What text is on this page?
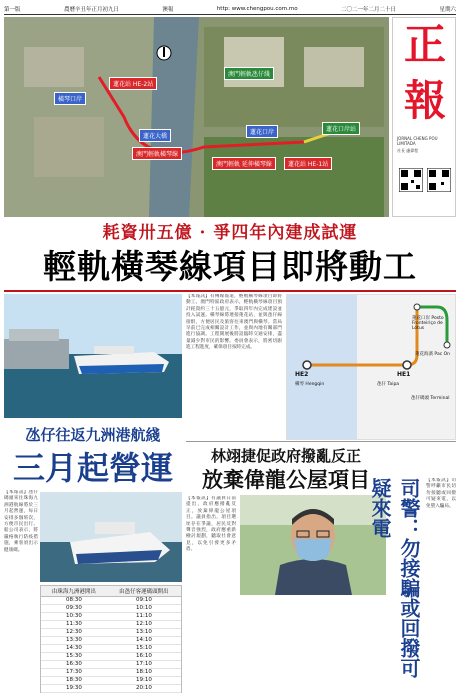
第一版	農曆辛丑年正月初九日	澳報	http: www.chengpou.com.mo	二〇二一年二月二十日	星期六
橫琴口岸
蓮花站 HE-2站
澳門輕軌橫琴線
蓮花大橋
澳門輕軌氹仔綫
蓮花口岸
澳門輕軌 延伸橫琴線
蓮花口岸站
蓮花站 HE-1站
正
報
JORNAL CHENG POU LIMITADA
社長 盧偉程
耗資卅五億 · 爭四年內建成試運
輕軌橫琴線項目即將動工
【本報訊】有傳媒報道，輕軌橫琴線項目即將動工。澳門特區政府表示，輕軌橫琴線項目預計耗資約三十五億元，爭取四年內完成建設並投入試運。橫琴線將連接蓮花站，並與氹仔線接駁，方便居民及旅客往來澳門與橫琴。當局早前已完成相關設計工作，並與內地有關部門進行協調。工程開展後將設臨時交通安排，盡量減少對市民的影響。委員會表示，將密切跟進工程進度，確保項目按時完成。
HE2
橫琴 Hengqin
HE1
蓮花口岸 Posto Fronteiriço de Lótus
氹仔 Taipa
蓮花海濱 Pac On
氹仔碼頭 Terminal
氹仔往返九洲港航綫
三月起營運
【本報訊】氹仔碼頭來往珠海九洲港航線將於三月起營運，每日安排多個班次，方便市民出行。船公司表示，將嚴格執行防疫措施，乘客須出示健康碼。
由珠海九洲港開出	由氹仔客運碼頭開出
08:30	09:10
09:30	10:10
10:30	11:10
11:30	12:10
12:30	13:10
13:30	14:10
14:30	15:10
15:30	16:10
16:30	17:10
17:30	18:10
18:30	19:10
19:30	20:10
林翊捷促政府撥亂反正
放棄偉龍公屋項目
【本報訊】有議員日前提出，政府應撥亂反正，放棄偉龍公屋項目。議員指出，項目選址存在爭議，居民反對聲音強烈，政府應重新檢討規劃，聽取社會意見，以免引發更多矛盾。	司警：勿接騙或回撥可疑來電	【本報訊】司警呼籲市民切勿接聽或回撥可疑來電，以免墮入騙局。
